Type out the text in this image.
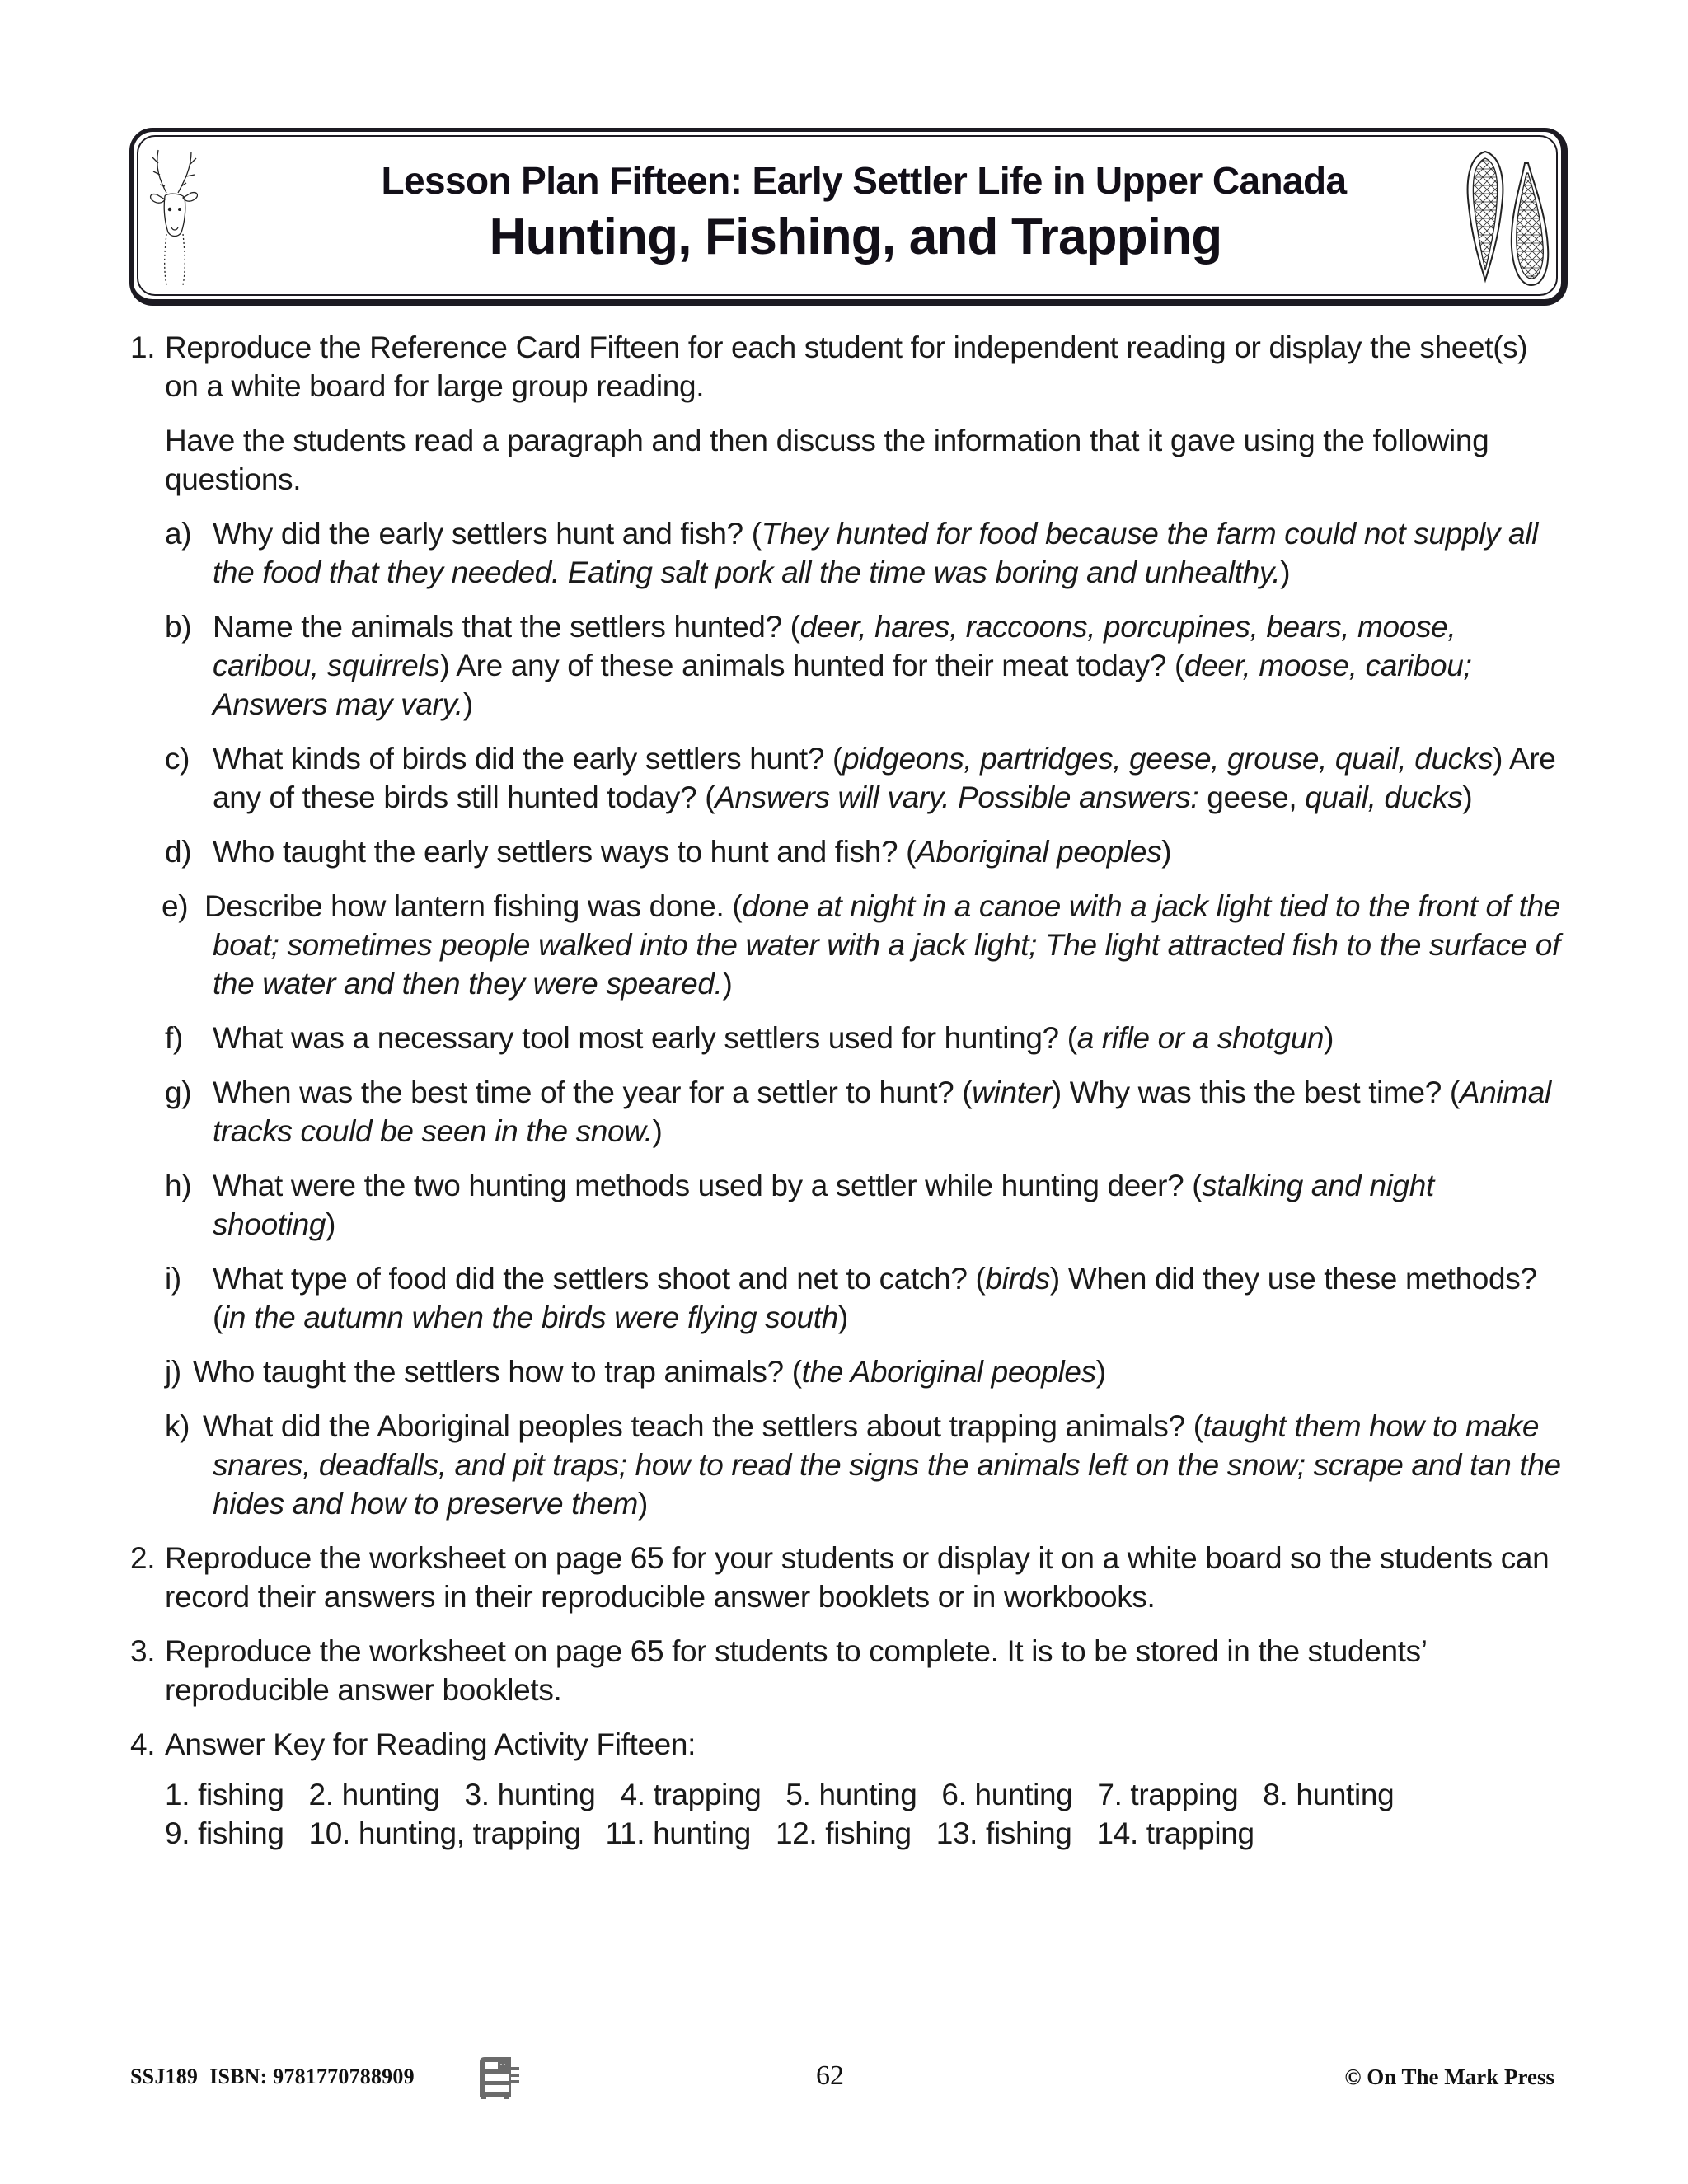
Lesson Plan Fifteen: Early Settler Life in Upper Canada
Hunting, Fishing, and Trapping
1. Reproduce the Reference Card Fifteen for each student for independent reading or display the sheet(s) on a white board for large group reading.
Have the students read a paragraph and then discuss the information that it gave using the following questions.
a) Why did the early settlers hunt and fish? (They hunted for food because the farm could not supply all the food that they needed. Eating salt pork all the time was boring and unhealthy.)
b) Name the animals that the settlers hunted? (deer, hares, raccoons, porcupines, bears, moose, caribou, squirrels) Are any of these animals hunted for their meat today? (deer, moose, caribou; Answers may vary.)
c) What kinds of birds did the early settlers hunt? (pidgeons, partridges, geese, grouse, quail, ducks) Are any of these birds still hunted today? (Answers will vary. Possible answers: geese, quail, ducks)
d) Who taught the early settlers ways to hunt and fish? (Aboriginal peoples)
e) Describe how lantern fishing was done. (done at night in a canoe with a jack light tied to the front of the boat; sometimes people walked into the water with a jack light; The light attracted fish to the surface of the water and then they were speared.)
f) What was a necessary tool most early settlers used for hunting? (a rifle or a shotgun)
g) When was the best time of the year for a settler to hunt? (winter) Why was this the best time? (Animal tracks could be seen in the snow.)
h) What were the two hunting methods used by a settler while hunting deer? (stalking and night shooting)
i) What type of food did the settlers shoot and net to catch? (birds) When did they use these methods? (in the autumn when the birds were flying south)
j) Who taught the settlers how to trap animals? (the Aboriginal peoples)
k) What did the Aboriginal peoples teach the settlers about trapping animals? (taught them how to make snares, deadfalls, and pit traps; how to read the signs the animals left on the snow; scrape and tan the hides and how to preserve them)
2. Reproduce the worksheet on page 65 for your students or display it on a white board so the students can record their answers in their reproducible answer booklets or in workbooks.
3. Reproduce the worksheet on page 65 for students to complete. It is to be stored in the students’ reproducible answer booklets.
4. Answer Key for Reading Activity Fifteen:
1. fishing 2. hunting 3. hunting 4. trapping 5. hunting 6. hunting 7. trapping 8. hunting
9. fishing 10. hunting, trapping 11. hunting 12. fishing 13. fishing 14. trapping
SSJ189 ISBN: 9781770788909	62	© On The Mark Press
